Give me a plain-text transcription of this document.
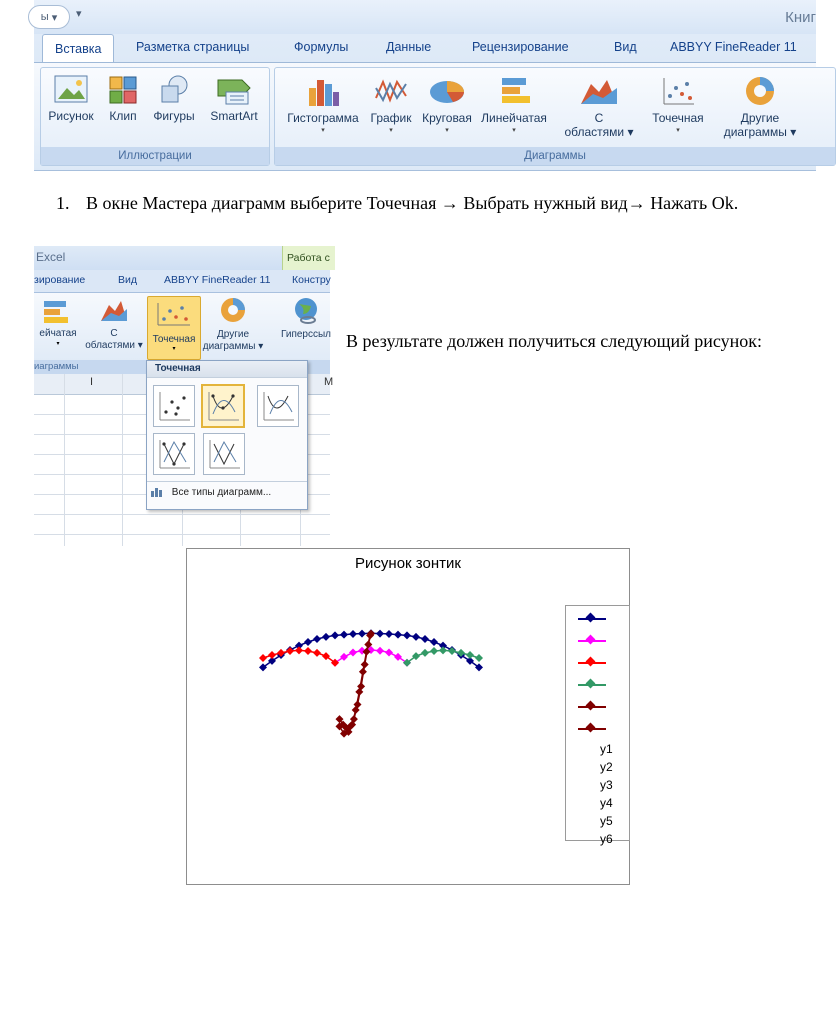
ы ▾	▾	Книг
Вставка	Разметка страницы	Формулы	Данные	Рецензирование	Вид	ABBYY FineReader 11
Рисунок	Клип	Фигуры	SmartArt
Иллюстрации
Гистограмма
▾
График
▾
Круговая
▾
Линейчатая
▾
С
областями ▾
Точечная
▾
Другие
диаграммы ▾
Диаграммы
1. В окне Мастера диаграмм выберите Точечная → Выбрать нужный вид→ Нажать Ok.
Excel	Работа с
зирование	Вид	ABBYY FineReader 11 Констру
ейчатая
▾
С
областями ▾
Точечная
▾
Другие
диаграммы ▾
Гиперссыл
иаграммы
I	M
Точечная
Все типы диаграмм...
В результате должен получиться следующий рисунок:
Рисунок зонтик
y1
y2
y3
y4
y5
y6
